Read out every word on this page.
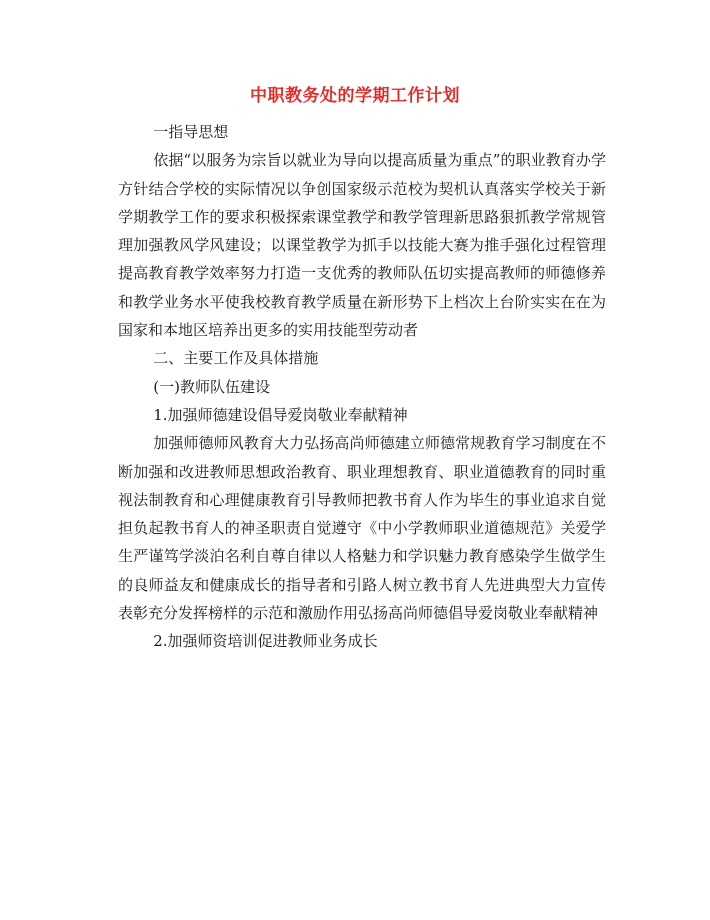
中职教务处的学期工作计划

一指导思想

依据“以服务为宗旨以就业为导向以提高质量为重点”的职业教育办学方针结合学校的实际情况以争创国家级示范校为契机认真落实学校关于新学期教学工作的要求积极探索课堂教学和教学管理新思路狠抓教学常规管理加强教风学风建设；以课堂教学为抓手以技能大赛为推手强化过程管理提高教育教学效率努力打造一支优秀的教师队伍切实提高教师的师德修养和教学业务水平使我校教育教学质量在新形势下上档次上台阶实实在在为国家和本地区培养出更多的实用技能型劳动者

二、主要工作及具体措施

(一)教师队伍建设

1.加强师德建设倡导爱岗敬业奉献精神

加强师德师风教育大力弘扬高尚师德建立师德常规教育学习制度在不断加强和改进教师思想政治教育、职业理想教育、职业道德教育的同时重视法制教育和心理健康教育引导教师把教书育人作为毕生的事业追求自觉担负起教书育人的神圣职责自觉遵守《中小学教师职业道德规范》关爱学生严谨笃学淡泊名利自尊自律以人格魅力和学识魅力教育感染学生做学生的良师益友和健康成长的指导者和引路人树立教书育人先进典型大力宣传表彰充分发挥榜样的示范和激励作用弘扬高尚师德倡导爱岗敬业奉献精神

2.加强师资培训促进教师业务成长
